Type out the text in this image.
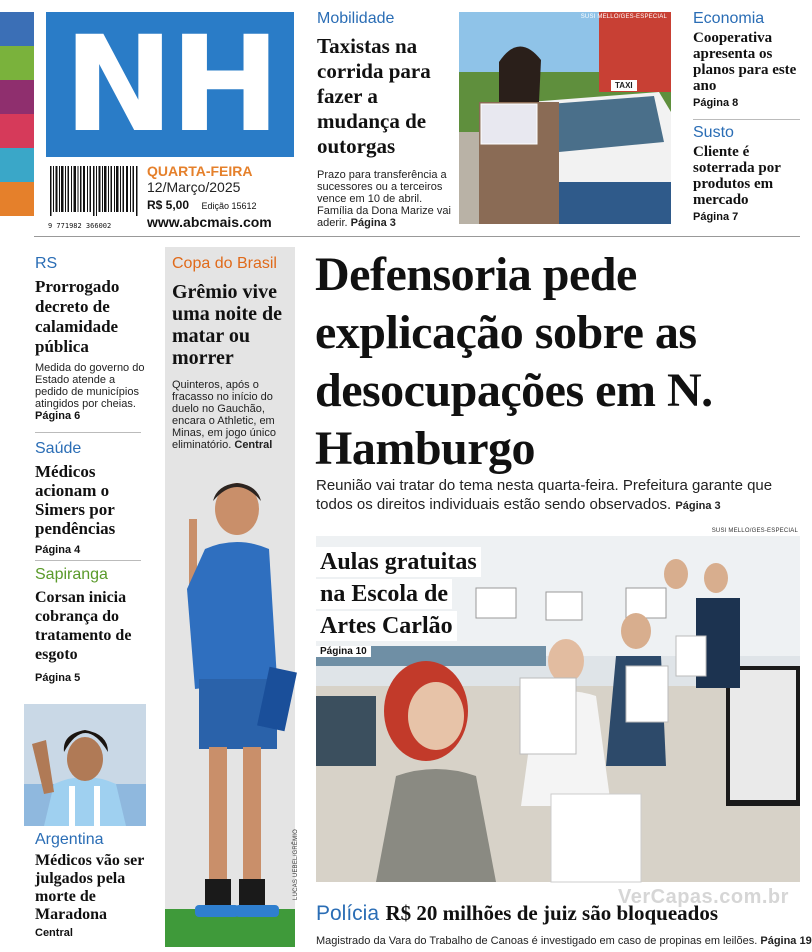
NH
9 771982 366002
QUARTA-FEIRA
12/Março/2025
R$ 5,00 Edição 15612
www.abcmais.com
Mobilidade
Taxistas na corrida para fazer a mudança de outorgas
Prazo para transferência a sucessores ou a terceiros vence em 10 de abril. Família da Dona Marize vai aderir. Página 3
SUSI MELLO/GES-ESPECIAL
TAXI
Economia
Cooperativa apresenta os planos para este ano
Página 8
Susto
Cliente é soterrada por produtos em mercado
Página 7
RS
Prorrogado decreto de calamidade pública
Medida do governo do Estado atende a pedido de municípios atingidos por cheias.
Página 6
Saúde
Médicos acionam o Simers por pendências
Página 4
Sapiranga
Corsan inicia cobrança do tratamento de esgoto
Página 5
Argentina
Médicos vão ser julgados pela morte de Maradona
Central
Copa do Brasil
Grêmio vive uma noite de matar ou morrer
Quinteros, após o fracasso no início do duelo no Gauchão, encara o Athletic, em Minas, em jogo único eliminatório. Central
LUCAS UEBEL/GRÊMIO
Defensoria pede explicação sobre as desocupações em N. Hamburgo
Reunião vai tratar do tema nesta quarta-feira. Prefeitura garante que todos os direitos individuais estão sendo observados. Página 3
SUSI MELLO/GES-ESPECIAL
Aulas gratuitas
na Escola de
Artes Carlão
Página 10
Polícia R$ 20 milhões de juiz são bloqueados
Magistrado da Vara do Trabalho de Canoas é investigado em caso de propinas em leilões. Página 19
VerCapas.com.br
